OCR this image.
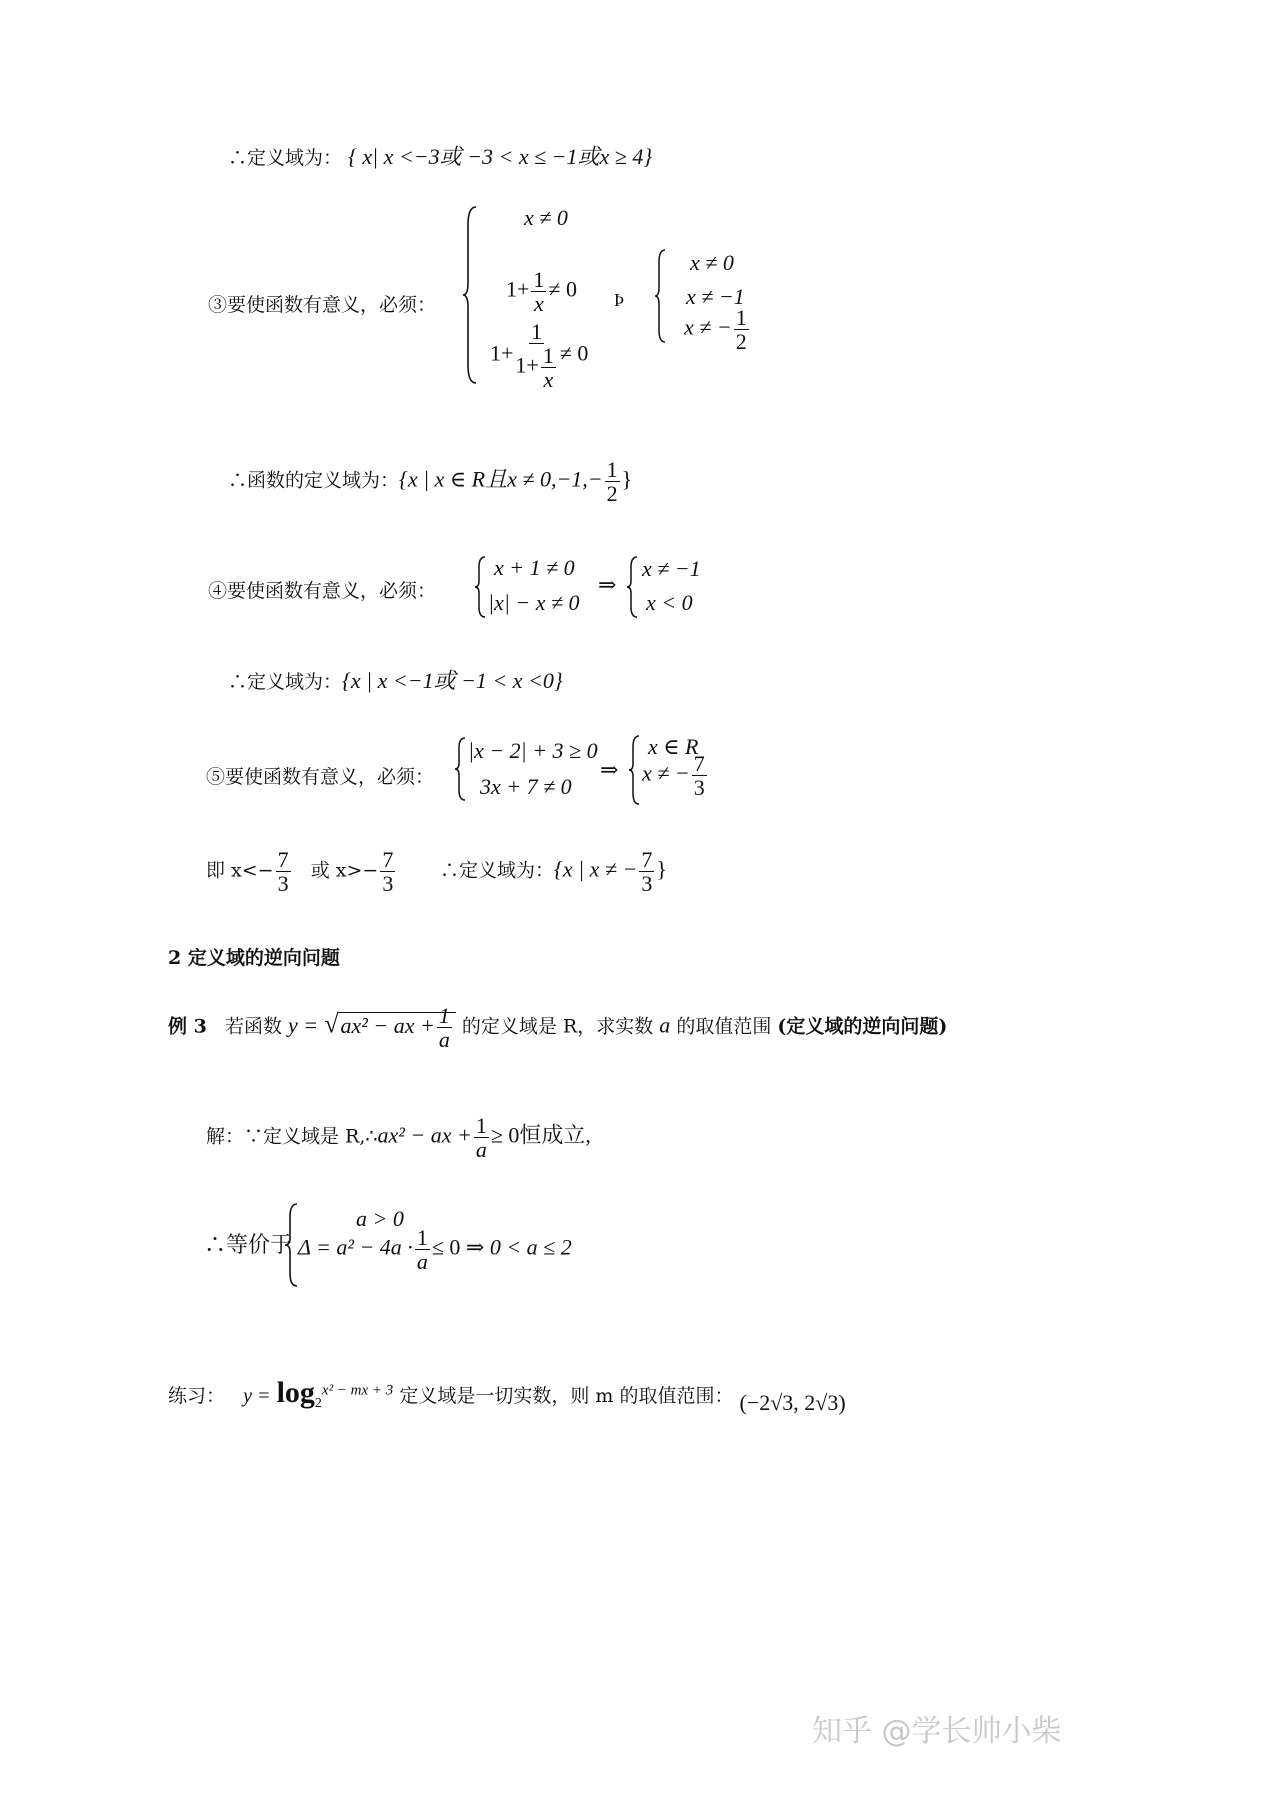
∴定义域为： { x| x <−3或 −3 < x ≤ −1或x ≥ 4}
③要使函数有意义，必须：
x ≠ 0
$1+ \frac{1}{x} \ne 0$
$1+ \frac{1}{1+ \frac{1}{x}} \ne 0$
Þ
x ≠ 0
x ≠ −1
x ≠ − $\frac{1}{2}$
∴函数的定义域为：{x | x ∈ R且$x \ne 0,-1,- \frac{1}{2}$ }
④要使函数有意义，必须：
x + 1 ≠ 0
|x| − x ≠ 0
⇒
x ≠ −1
x < 0
∴定义域为：{x | x <−1或 −1 < x <0}
⑤要使函数有意义，必须：
|x − 2| + 3 ≥ 0
3x + 7 ≠ 0
⇒
x ∈ R
x ≠ − $\frac{7}{3}$
即 $x<- \frac{7}{3}$ 或 $x>- \frac{7}{3}$ ∴定义域为：{x | x ≠ − $\frac{7}{3}$ }
2 定义域的逆向问题
例 3 若函数 y = √ax² − ax + $\frac{1}{a}$ 的定义域是 R，求实数 a 的取值范围 (定义域的逆向问题)
解：∵定义域是 R,∴ax² − ax + $\frac{1}{a} \ge 0$恒成立,
∴等价于
a > 0
$\Delta = a^2 - 4a \cdot \frac{1}{a} \le 0$ ⇒ 0 < a ≤ 2
练习： $y = \log_2^{x^2 - mx + 3}$ 定义域是一切实数，则 m 的取值范围： (−2√3, 2√3)
知乎 @学长帅小柴
